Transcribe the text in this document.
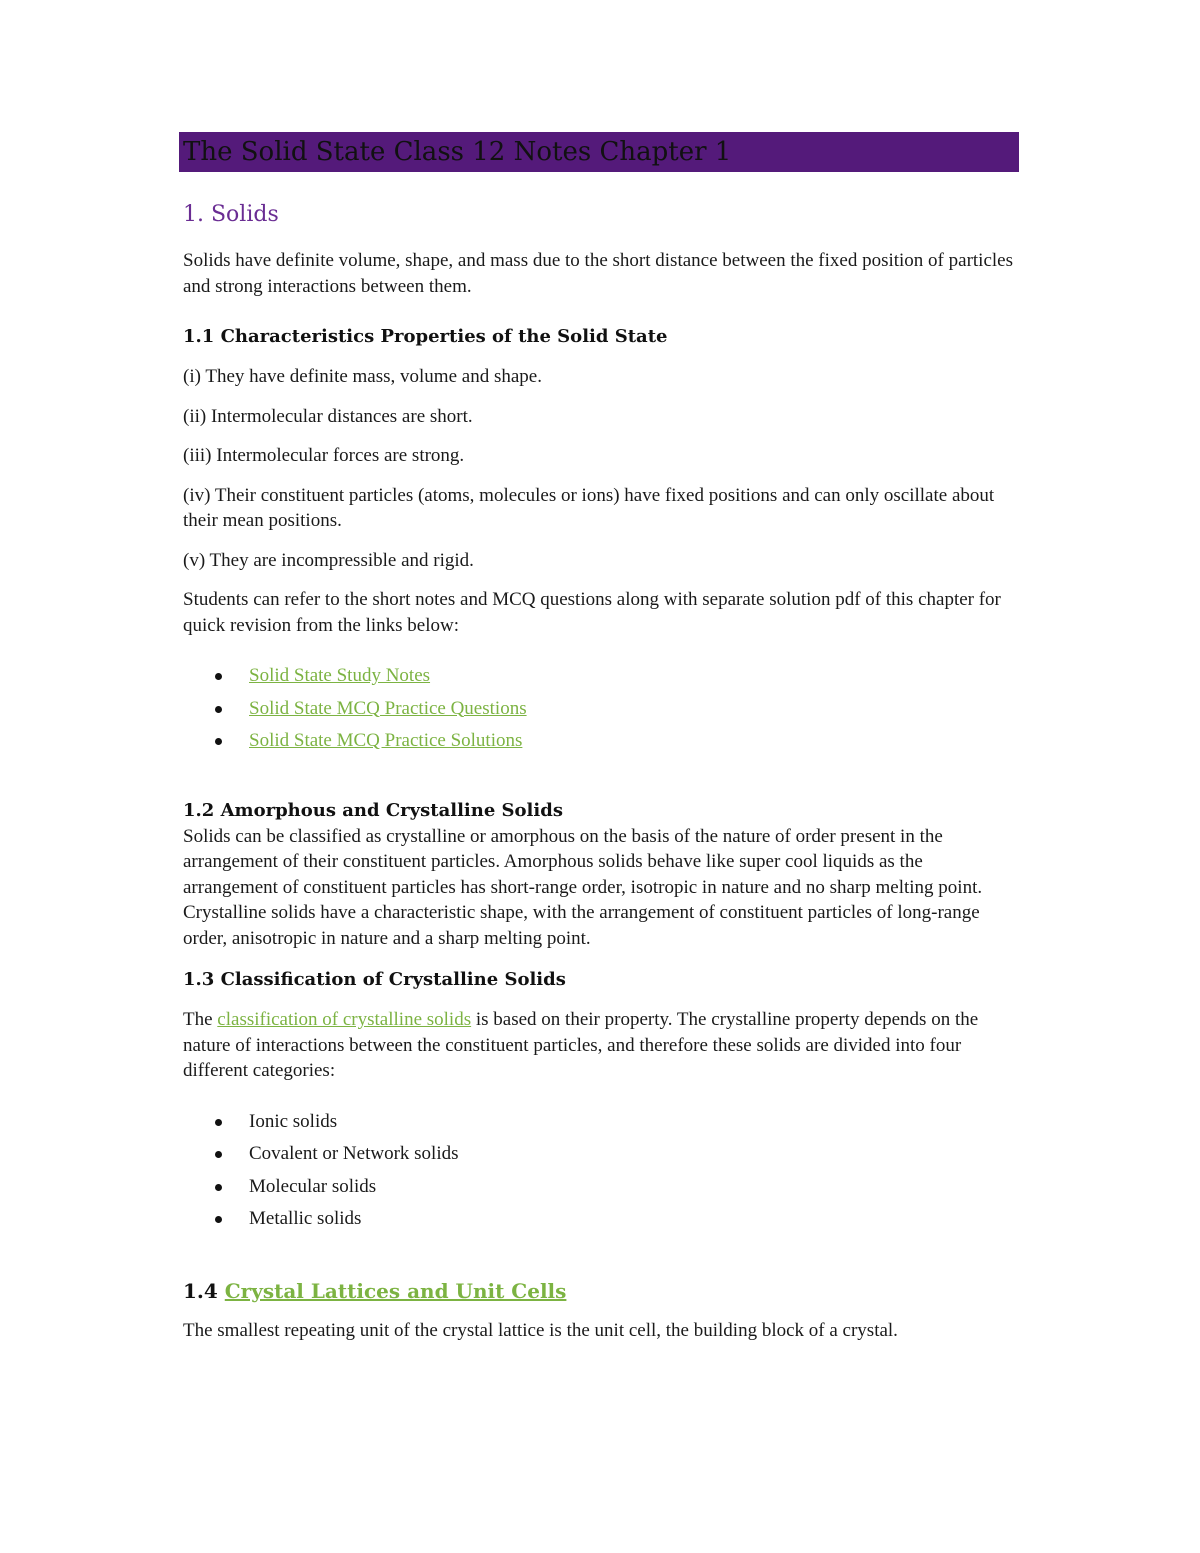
The Solid State Class 12 Notes Chapter 1
1. Solids

Solids have definite volume, shape, and mass due to the short distance between the fixed position of particles and strong interactions between them.

1.1 Characteristics Properties of the Solid State

(i) They have definite mass, volume and shape.

(ii) Intermolecular distances are short.

(iii) Intermolecular forces are strong.

(iv) Their constituent particles (atoms, molecules or ions) have fixed positions and can only oscillate about their mean positions.

(v) They are incompressible and rigid.

Students can refer to the short notes and MCQ questions along with separate solution pdf of this chapter for quick revision from the links below:

Solid State Study Notes
Solid State MCQ Practice Questions
Solid State MCQ Practice Solutions
1.2 Amorphous and Crystalline Solids

Solids can be classified as crystalline or amorphous on the basis of the nature of order present in the arrangement of their constituent particles. Amorphous solids behave like super cool liquids as the arrangement of constituent particles has short-range order, isotropic in nature and no sharp melting point. Crystalline solids have a characteristic shape, with the arrangement of constituent particles of long-range order, anisotropic in nature and a sharp melting point.

1.3 Classification of Crystalline Solids

The classification of crystalline solids is based on their property. The crystalline property depends on the nature of interactions between the constituent particles, and therefore these solids are divided into four different categories:

Ionic solids
Covalent or Network solids
Molecular solids
Metallic solids
1.4 Crystal Lattices and Unit Cells

The smallest repeating unit of the crystal lattice is the unit cell, the building block of a crystal.
